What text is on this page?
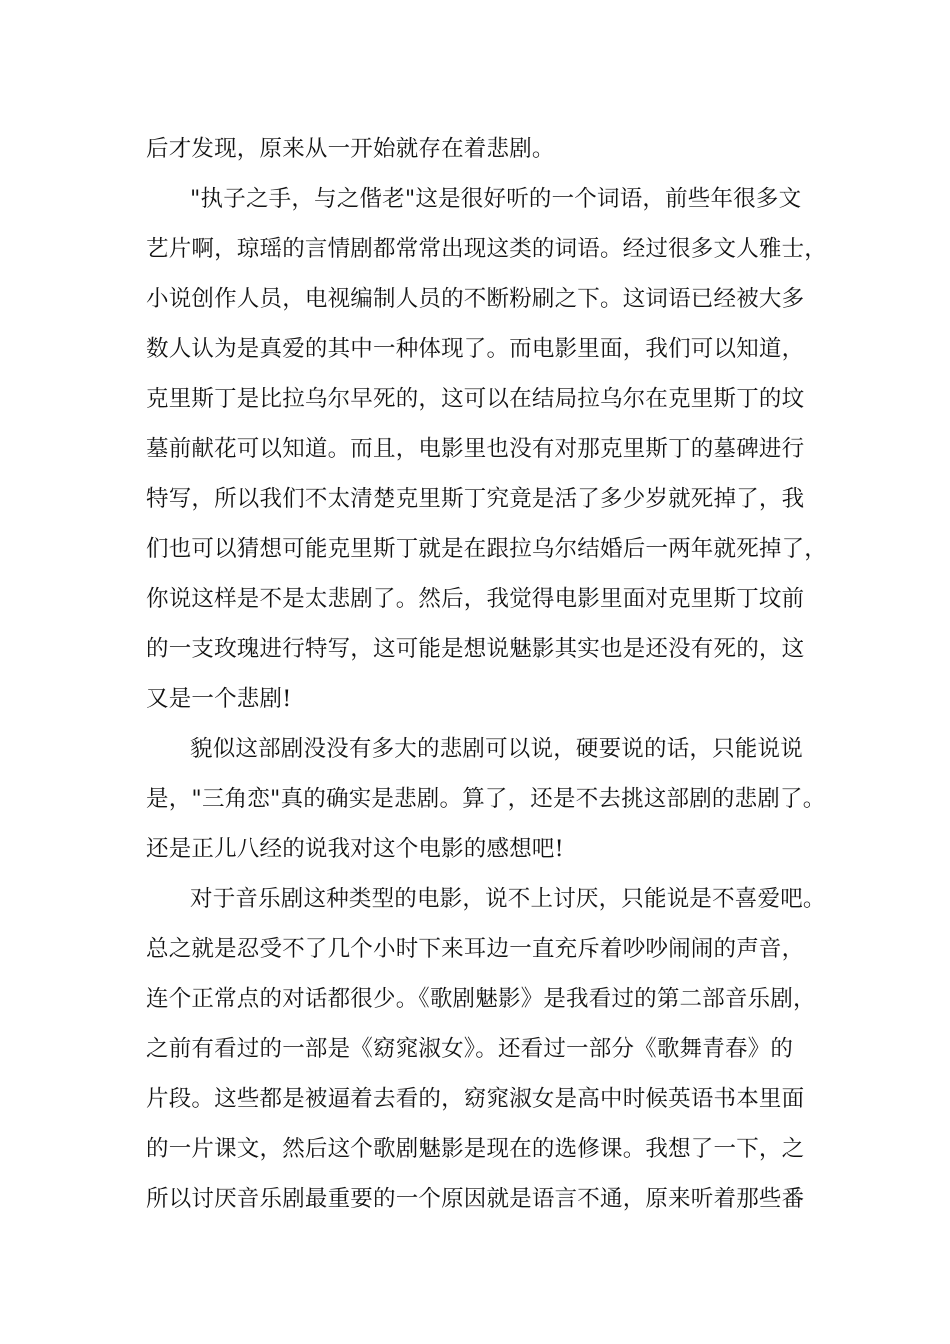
后才发现，原来从一开始就存在着悲剧。
"执子之手，与之偕老"这是很好听的一个词语，前些年很多文
艺片啊，琼瑶的言情剧都常常出现这类的词语。经过很多文人雅士，
小说创作人员，电视编制人员的不断粉刷之下。这词语已经被大多
数人认为是真爱的其中一种体现了。而电影里面，我们可以知道，
克里斯丁是比拉乌尔早死的，这可以在结局拉乌尔在克里斯丁的坟
墓前献花可以知道。而且，电影里也没有对那克里斯丁的墓碑进行
特写，所以我们不太清楚克里斯丁究竟是活了多少岁就死掉了，我
们也可以猜想可能克里斯丁就是在跟拉乌尔结婚后一两年就死掉了，
你说这样是不是太悲剧了。然后，我觉得电影里面对克里斯丁坟前
的一支玫瑰进行特写，这可能是想说魅影其实也是还没有死的，这
又是一个悲剧!
貌似这部剧没没有多大的悲剧可以说，硬要说的话，只能说说
是，"三角恋"真的确实是悲剧。算了，还是不去挑这部剧的悲剧了。
还是正儿八经的说我对这个电影的感想吧!
对于音乐剧这种类型的电影，说不上讨厌，只能说是不喜爱吧。
总之就是忍受不了几个小时下来耳边一直充斥着吵吵闹闹的声音，
连个正常点的对话都很少。《歌剧魅影》是我看过的第二部音乐剧，
之前有看过的一部是《窈窕淑女》。还看过一部分《歌舞青春》的
片段。这些都是被逼着去看的，窈窕淑女是高中时候英语书本里面
的一片课文，然后这个歌剧魅影是现在的选修课。我想了一下，之
所以讨厌音乐剧最重要的一个原因就是语言不通，原来听着那些番
